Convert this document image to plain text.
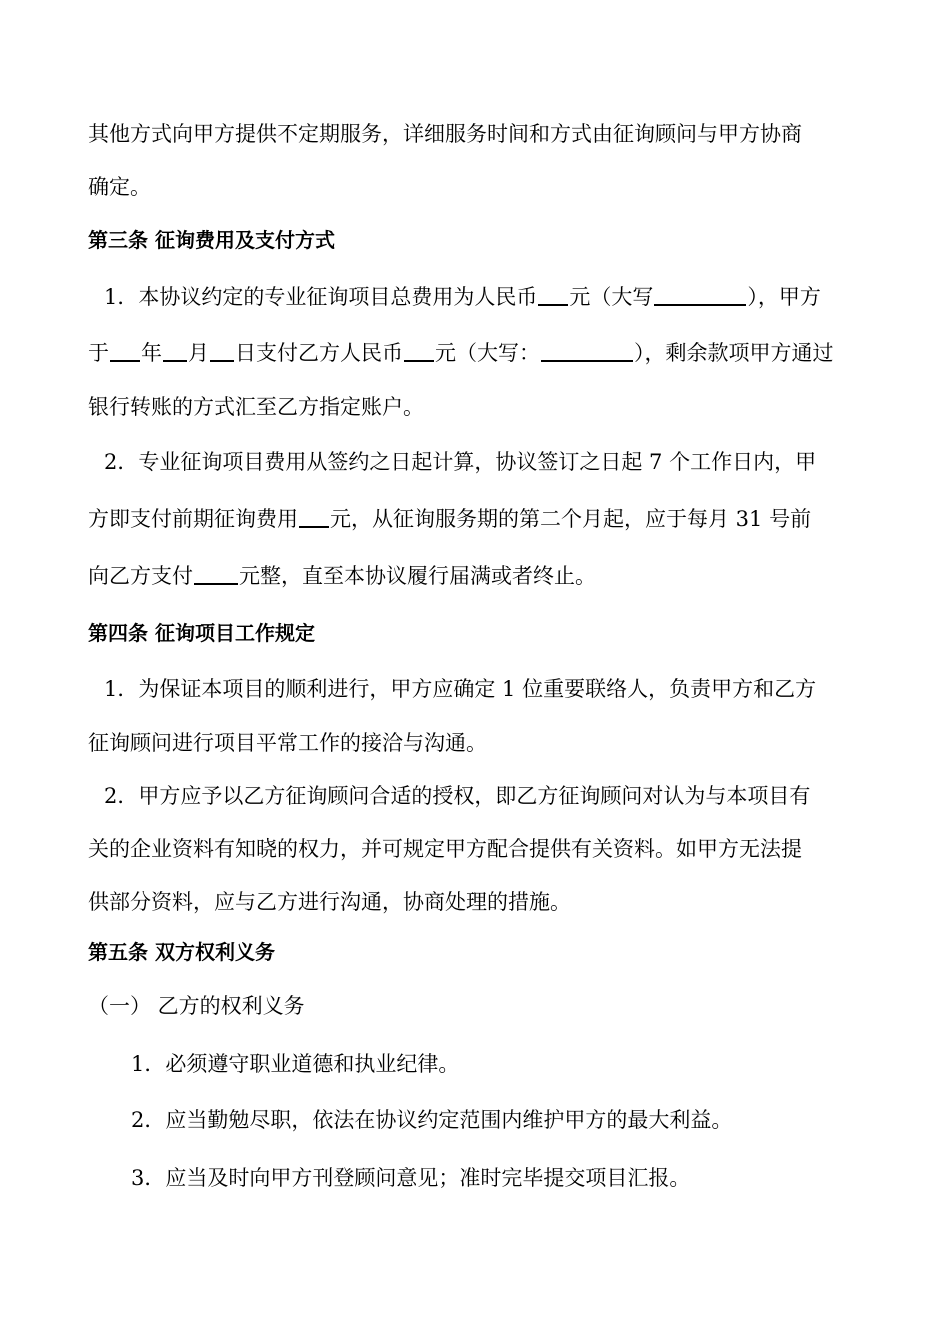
其他方式向甲方提供不定期服务，详细服务时间和方式由征询顾问与甲方协商

确定。

第三条 征询费用及支付方式

1．本协议约定的专业征询项目总费用为人民币 元（大写	），甲方

于 年 月 日支付乙方人民币 元（大写：	），剩余款项甲方通过

银行转账的方式汇至乙方指定账户。

2．专业征询项目费用从签约之日起计算，协议签订之日起 7 个工作日内，甲

方即支付前期征询费用 元，从征询服务期的第二个月起，应于每月 31 号前

向乙方支付 元整，直至本协议履行届满或者终止。

第四条 征询项目工作规定

1．为保证本项目的顺利进行，甲方应确定 1 位重要联络人，负责甲方和乙方

征询顾问进行项目平常工作的接洽与沟通。

2．甲方应予以乙方征询顾问合适的授权，即乙方征询顾问对认为与本项目有

关的企业资料有知晓的权力，并可规定甲方配合提供有关资料。如甲方无法提

供部分资料，应与乙方进行沟通，协商处理的措施。

第五条 双方权利义务

（一） 乙方的权利义务

1．必须遵守职业道德和执业纪律。

2．应当勤勉尽职，依法在协议约定范围内维护甲方的最大利益。

3．应当及时向甲方刊登顾问意见；准时完毕提交项目汇报。
